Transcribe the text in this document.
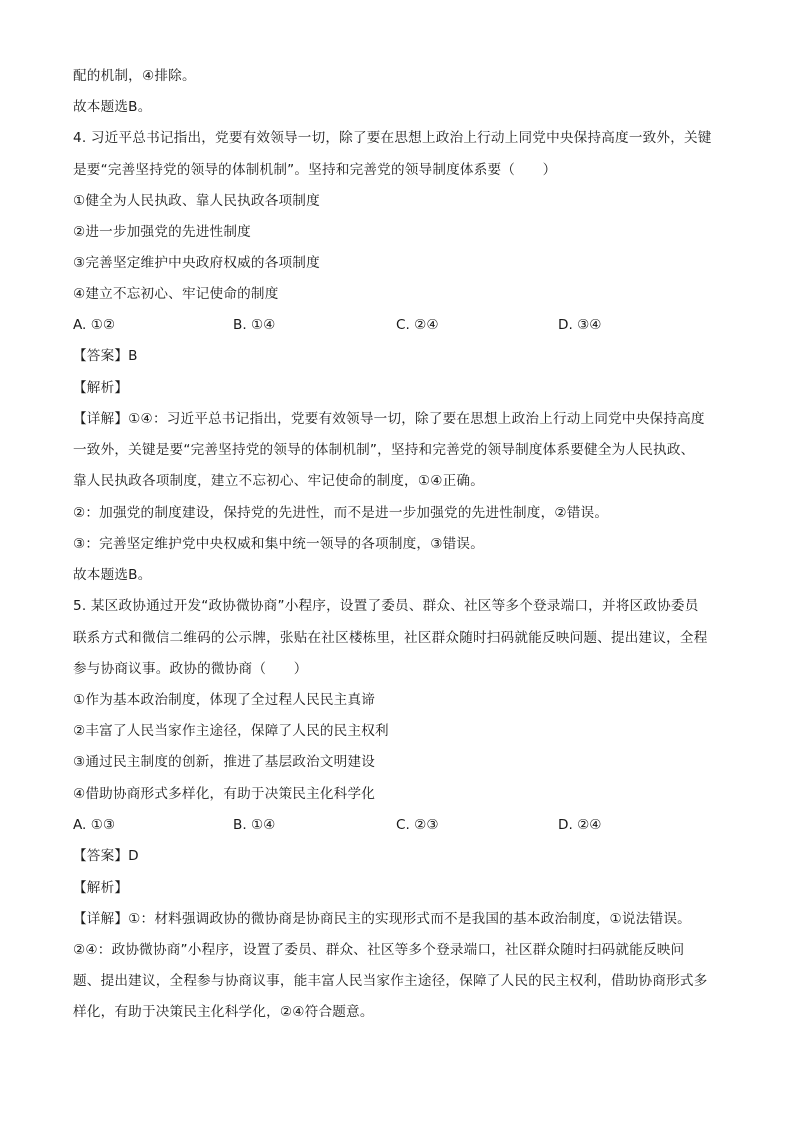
配的机制，④排除。
故本题选B。
4. 习近平总书记指出，党要有效领导一切，除了要在思想上政治上行动上同党中央保持高度一致外，关键
是要“完善坚持党的领导的体制机制”。坚持和完善党的领导制度体系要（　　）
①健全为人民执政、靠人民执政各项制度
②进一步加强党的先进性制度
③完善坚定维护中央政府权威的各项制度
④建立不忘初心、牢记使命的制度
A. ①②	B. ①④	C. ②④	D. ③④
【答案】B
【解析】
【详解】①④：习近平总书记指出，党要有效领导一切，除了要在思想上政治上行动上同党中央保持高度
一致外，关键是要“完善坚持党的领导的体制机制”，坚持和完善党的领导制度体系要健全为人民执政、
靠人民执政各项制度，建立不忘初心、牢记使命的制度，①④正确。
②：加强党的制度建设，保持党的先进性，而不是进一步加强党的先进性制度，②错误。
③：完善坚定维护党中央权威和集中统一领导的各项制度，③错误。
故本题选B。
5. 某区政协通过开发“政协微协商”小程序，设置了委员、群众、社区等多个登录端口，并将区政协委员
联系方式和微信二维码的公示牌，张贴在社区楼栋里，社区群众随时扫码就能反映问题、提出建议，全程
参与协商议事。政协的微协商（　　）
①作为基本政治制度，体现了全过程人民民主真谛
②丰富了人民当家作主途径，保障了人民的民主权利
③通过民主制度的创新，推进了基层政治文明建设
④借助协商形式多样化，有助于决策民主化科学化
A. ①③	B. ①④	C. ②③	D. ②④
【答案】D
【解析】
【详解】①：材料强调政协的微协商是协商民主的实现形式而不是我国的基本政治制度，①说法错误。
②④：政协微协商”小程序，设置了委员、群众、社区等多个登录端口，社区群众随时扫码就能反映问
题、提出建议，全程参与协商议事，能丰富人民当家作主途径，保障了人民的民主权利，借助协商形式多
样化，有助于决策民主化科学化，②④符合题意。
